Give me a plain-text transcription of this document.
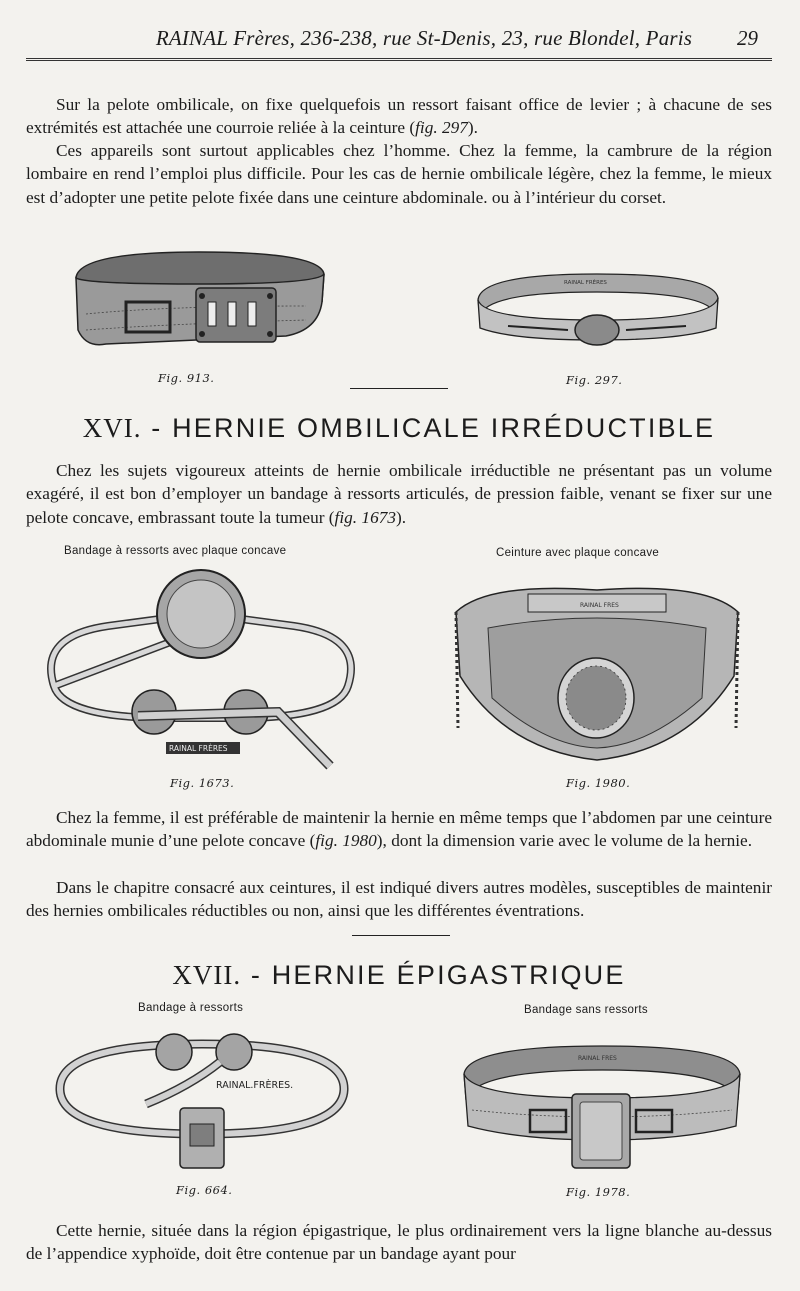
RAINAL Frères, 236-238, rue St-Denis, 23, rue Blondel, Paris	29

Sur la pelote ombilicale, on fixe quelquefois un ressort faisant office de levier ; à chacune de ses extrémités est attachée une courroie reliée à la ceinture (fig. 297).

Ces appareils sont surtout applicables chez l’homme. Chez la femme, la cambrure de la région lombaire en rend l’emploi plus difficile. Pour les cas de hernie ombilicale légère, chez la femme, le mieux est d’adopter une petite pelote fixée dans une ceinture abdominale. ou à l’intérieur du corset.

Fig. 913.
RAINAL FRÈRES
Fig. 297.
XVI. - HERNIE OMBILICALE IRRÉDUCTIBLE

Chez les sujets vigoureux atteints de hernie ombilicale irréductible ne présentant pas un volume exagéré, il est bon d’employer un bandage à ressorts articulés, de pression faible, venant se fixer sur une pelote concave, embrassant toute la tumeur (fig. 1673).

Bandage à ressorts avec plaque concave	Ceinture avec plaque concave
RAINAL FRÈRES
Fig. 1673.
RAINAL FRES
Fig. 1980.

Chez la femme, il est préférable de maintenir la hernie en même temps que l’abdomen par une ceinture abdominale munie d’une pelote concave (fig. 1980), dont la dimension varie avec le volume de la hernie.

Dans le chapitre consacré aux ceintures, il est indiqué divers autres modèles, susceptibles de maintenir des hernies ombilicales réductibles ou non, ainsi que les différentes éventrations.

XVII. - HERNIE ÉPIGASTRIQUE
Bandage à ressorts	Bandage sans ressorts
RAINAL.FRÈRES.
Fig. 664.
RAINAL FRES
Fig. 1978.

Cette hernie, située dans la région épigastrique, le plus ordinairement vers la ligne blanche au-dessus de l’appendice xyphoïde, doit être contenue par un bandage ayant pour
